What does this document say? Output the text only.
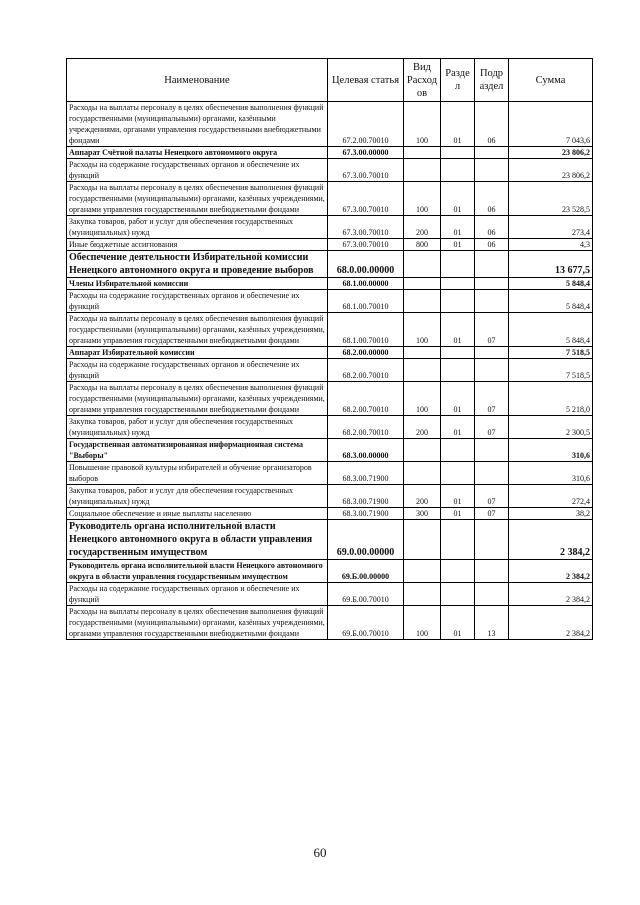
Наименование	Целевая статья	Вид Расход ов	Разде л	Подр аздел	Сумма
Расходы на выплаты персоналу в целях обеспечения выполнения функций государственными (муниципальными) органами, казёнными учреждениями, органами управления государственными внебюджетными фондами	67.2.00.70010	100	01	06	7 043,6
Аппарат Счётной палаты Ненецкого автономного округа	67.3.00.00000				23 806,2
Расходы на содержание государственных органов и обеспечение их функций	67.3.00.70010				23 806,2
Расходы на выплаты персоналу в целях обеспечения выполнения функций государственными (муниципальными) органами, казённых учреждениями, органами управления государственными внебюджетными фондами	67.3.00.70010	100	01	06	23 528,5
Закупка товаров, работ и услуг для обеспечения государственных (муниципальных) нужд	67.3.00.70010	200	01	06	273,4
Иные бюджетные ассигнования	67.3.00.70010	800	01	06	4,3
Обеспечение деятельности Избирательной комиссии Ненецкого автономного округа и проведение выборов	68.0.00.00000				13 677,5
Члены Избирательной комиссии	68.1.00.00000				5 848,4
Расходы на содержание государственных органов и обеспечение их функций	68.1.00.70010				5 848,4
Расходы на выплаты персоналу в целях обеспечения выполнения функций государственными (муниципальными) органами, казённых учреждениями, органами управления государственными внебюджетными фондами	68.1.00.70010	100	01	07	5 848,4
Аппарат Избирательной комиссии	68.2.00.00000				7 518,5
Расходы на содержание государственных органов и обеспечение их функций	68.2.00.70010				7 518,5
Расходы на выплаты персоналу в целях обеспечения выполнения функций государственными (муниципальными) органами, казённых учреждениями, органами управления государственными внебюджетными фондами	68.2.00.70010	100	01	07	5 218,0
Закупка товаров, работ и услуг для обеспечения государственных (муниципальных) нужд	68.2.00.70010	200	01	07	2 300,5
Государственная автоматизированная информационная система "Выборы"	68.3.00.00000				310,6
Повышение правовой культуры избирателей и обучение организаторов выборов	68.3.00.71900				310,6
Закупка товаров, работ и услуг для обеспечения государственных (муниципальных) нужд	68.3.00.71900	200	01	07	272,4
Социальное обеспечение и иные выплаты населению	68.3.00.71900	300	01	07	38,2
Руководитель органа исполнительной власти Ненецкого автономного округа в области управления государственным имуществом	69.0.00.00000				2 384,2
Руководитель органа исполнительной власти Ненецкого автономного округа в области управления государственным имуществом	69.Б.00.00000				2 384,2
Расходы на содержание государственных органов и обеспечение их функций	69.Б.00.70010				2 384,2
Расходы на выплаты персоналу в целях обеспечения выполнения функций государственными (муниципальными) органами, казённых учреждениями, органами управления государственными внебюджетными фондами	69.Б.00.70010	100	01	13	2 384,2
60
